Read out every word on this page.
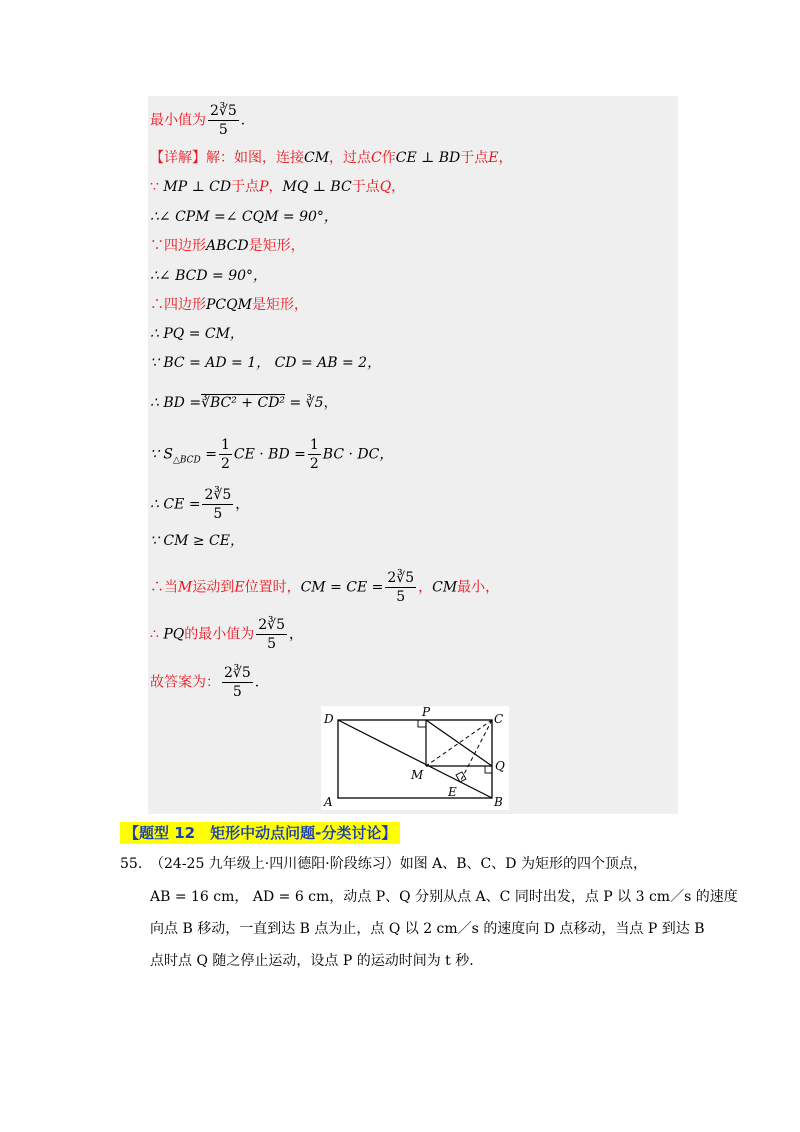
最小值为 $\frac{2∛5}{5}$ .
【详解】解：如图，连接CM，过点C作CE ⊥ BD于点E，
∵ MP ⊥ CD于点P，MQ ⊥ BC于点Q，
∴∠ CPM =∠ CQM = 90°，
∵四边形ABCD是矩形，
∴∠ BCD = 90°，
∴四边形PCQM是矩形，
∴ PQ = CM，
∵ BC = AD = 1， CD = AB = 2，
∴ BD =∛BC² + CD² = ∛5，
∵ $S_{\triangle BCD} = \frac{1}{2}$ CE · BD = $\frac{1}{2}$ BC · DC，
∴ CE = $\frac{2∛5}{5}$ ，
∵ CM ≥ CE，
∴当M运动到E位置时，CM = CE = $\frac{2∛5}{5}$ ，CM最小，
∴ PQ的最小值为 $\frac{2∛5}{5}$ ，
故答案为： $\frac{2∛5}{5}$ .
D	P	C
M
Q
E
A	B
【题型 12　矩形中动点问题-分类讨论】
55. （24-25 九年级上·四川德阳·阶段练习）如图 A、B、C、D 为矩形的四个顶点，
AB = 16 cm， AD = 6 cm，动点 P、Q 分别从点 A、C 同时出发，点 P 以 3 cm／s 的速度
向点 B 移动，一直到达 B 点为止，点 Q 以 2 cm／s 的速度向 D 点移动，当点 P 到达 B
点时点 Q 随之停止运动，设点 P 的运动时间为 t 秒.
